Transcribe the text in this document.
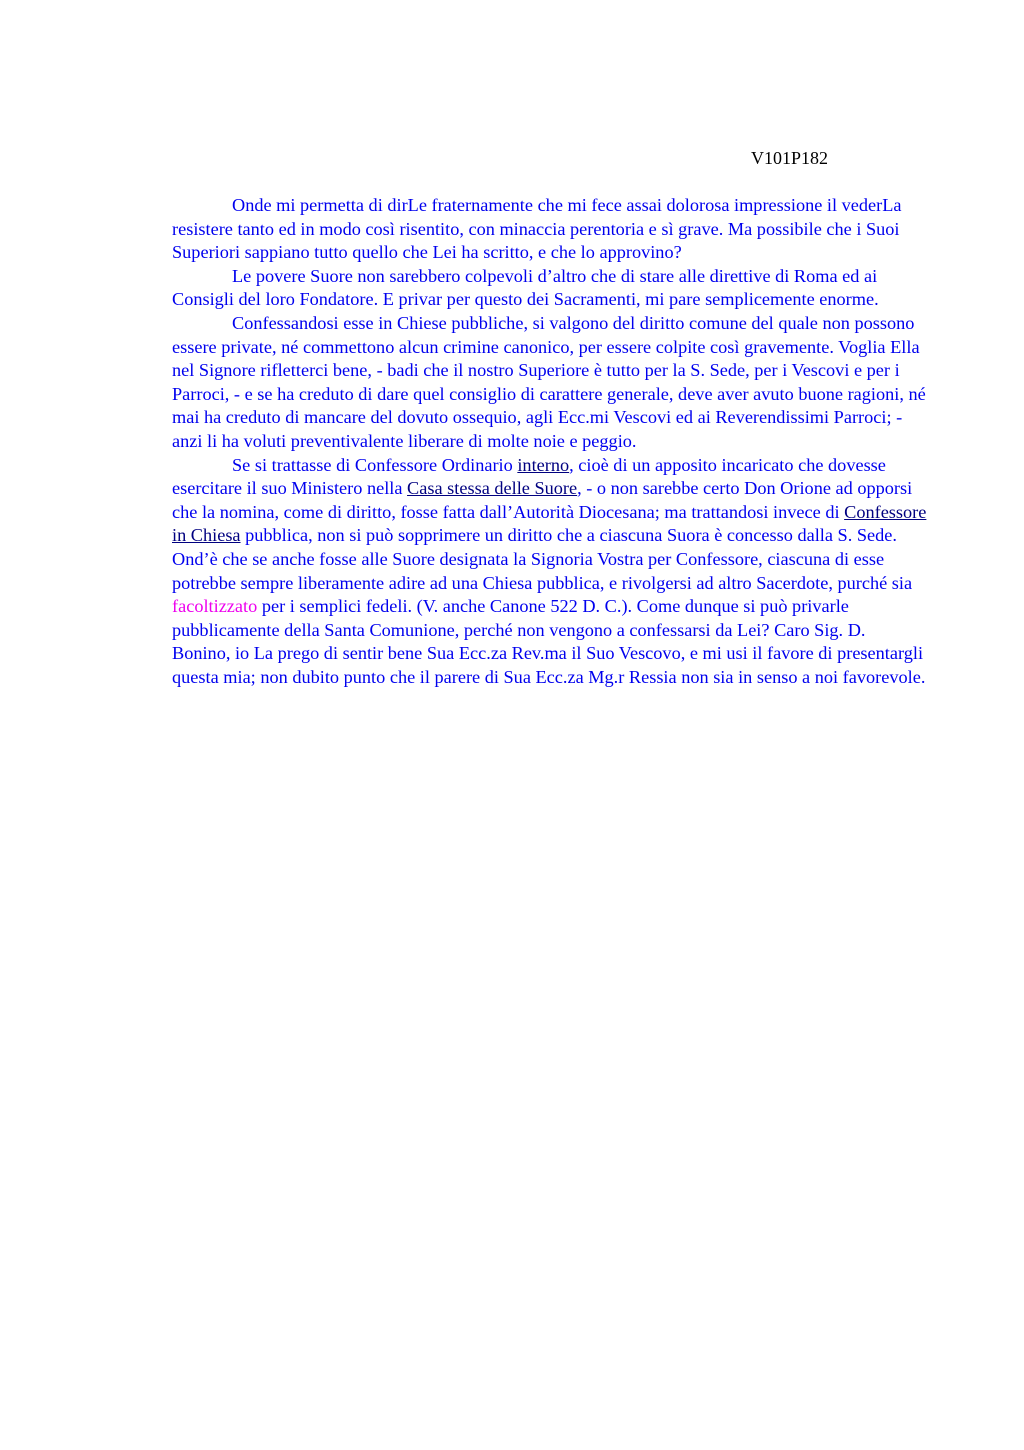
V101P182

Onde mi permetta di dirLe fraternamente che mi fece assai dolorosa impressione il vederLa resistere tanto ed in modo così risentito, con minaccia perentoria e sì grave. Ma possibile che i Suoi Superiori sappiano tutto quello che Lei ha scritto, e che lo approvino?

Le povere Suore non sarebbero colpevoli d’altro che di stare alle direttive di Roma ed ai Consigli del loro Fondatore. E privar per questo dei Sacramenti, mi pare semplicemente enorme.

Confessandosi esse in Chiese pubbliche, si valgono del diritto comune del quale non possono essere private, né commettono alcun crimine canonico, per essere colpite così gravemente. Voglia Ella nel Signore rifletterci bene, - badi che il nostro Superiore è tutto per la S. Sede, per i Vescovi e per i Parroci, - e se ha creduto di dare quel consiglio di carattere generale, deve aver avuto buone ragioni, né mai ha creduto di mancare del dovuto ossequio, agli Ecc.mi Vescovi ed ai Reverendissimi Parroci; - anzi li ha voluti preventivalente liberare di molte noie e peggio.

Se si trattasse di Confessore Ordinario interno, cioè di un apposito incaricato che dovesse esercitare il suo Ministero nella Casa stessa delle Suore, - o non sarebbe certo Don Orione ad opporsi che la nomina, come di diritto, fosse fatta dall’Autorità Diocesana; ma trattandosi invece di Confessore in Chiesa pubblica, non si può sopprimere un diritto che a ciascuna Suora è concesso dalla S. Sede. Ond’è che se anche fosse alle Suore designata la Signoria Vostra per Confessore, ciascuna di esse potrebbe sempre liberamente adire ad una Chiesa pubblica, e rivolgersi ad altro Sacerdote, purché sia facoltizzato per i semplici fedeli. (V. anche Canone 522 D. C.). Come dunque si può privarle pubblicamente della Santa Comunione, perché non vengono a confessarsi da Lei? Caro Sig. D. Bonino, io La prego di sentir bene Sua Ecc.za Rev.ma il Suo Vescovo, e mi usi il favore di presentargli questa mia; non dubito punto che il parere di Sua Ecc.za Mg.r Ressia non sia in senso a noi favorevole.
